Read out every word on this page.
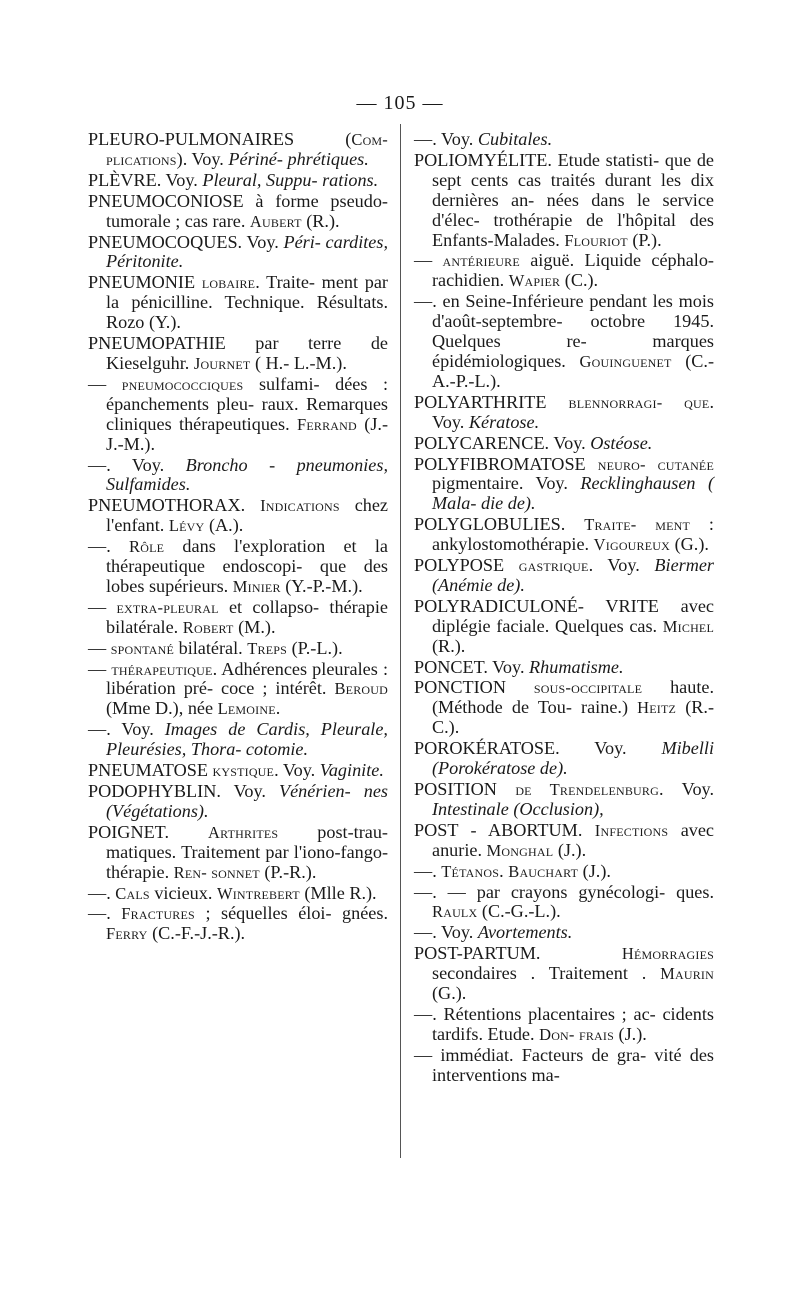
— 105 —
PLEURO-PULMONAIRES (Com- plications). Voy. Périné- phrétiques.
PLÈVRE. Voy. Pleural, Suppu- rations.
PNEUMOCONIOSE à forme pseudo-tumorale ; cas rare. Aubert (R.).
PNEUMOCOQUES. Voy. Péri- cardites, Péritonite.
PNEUMONIE lobaire. Traite- ment par la pénicilline. Technique. Résultats. Rozo (Y.).
PNEUMOPATHIE par terre de Kieselguhr. Journet ( H.- L.-M.).
— pneumococciques sulfami- dées : épanchements pleu- raux. Remarques cliniques thérapeutiques. Ferrand (J.-J.-M.).
—. Voy. Broncho - pneumonies, Sulfamides.
PNEUMOTHORAX. Indications chez l'enfant. Lévy (A.).
—. Rôle dans l'exploration et la thérapeutique endoscopi- que des lobes supérieurs. Minier (Y.-P.-M.).
— extra-pleural et collapso- thérapie bilatérale. Robert (M.).
— spontané bilatéral. Treps (P.-L.).
— thérapeutique. Adhérences pleurales : libération pré- coce ; intérêt. Beroud (Mme D.), née Lemoine.
—. Voy. Images de Cardis, Pleurale, Pleurésies, Thora- cotomie.
PNEUMATOSE kystique. Voy. Vaginite.
PODOPHYBLIN. Voy. Vénérien- nes (Végétations).
POIGNET. Arthrites post-trau- matiques. Traitement par l'iono-fango-thérapie. Ren- sonnet (P.-R.).
—. Cals vicieux. Wintrebert (Mlle R.).
—. Fractures ; séquelles éloi- gnées. Ferry (C.-F.-J.-R.).
—. Voy. Cubitales.
POLIOMYÉLITE. Etude statisti- que de sept cents cas traités durant les dix dernières an- nées dans le service d'élec- trothérapie de l'hôpital des Enfants-Malades. Flouriot (P.).
— antérieure aiguë. Liquide céphalo-rachidien. Wapier (C.).
—. en Seine-Inférieure pendant les mois d'août-septembre- octobre 1945. Quelques re- marques épidémiologiques. Gouinguenet (C.-A.-P.-L.).
POLYARTHRITE blennorragi- que. Voy. Kératose.
POLYCARENCE. Voy. Ostéose.
POLYFIBROMATOSE neuro- cutanée pigmentaire. Voy. Recklinghausen ( Mala- die de).
POLYGLOBULIES. Traite- ment : ankylostomothérapie. Vigoureux (G.).
POLYPOSE gastrique. Voy. Biermer (Anémie de).
POLYRADICULONÉ- VRITE avec diplégie faciale. Quelques cas. Michel (R.).
PONCET. Voy. Rhumatisme.
PONCTION sous-occipitale haute. (Méthode de Tou- raine.) Heitz (R.-C.).
POROKÉRATOSE. Voy. Mibelli (Porokératose de).
POSITION de Trendelenburg. Voy. Intestinale (Occlusion),
POST - ABORTUM. Infections avec anurie. Monghal (J.).
—. Tétanos. Bauchart (J.).
—. — par crayons gynécologi- ques. Raulx (C.-G.-L.).
—. Voy. Avortements.
POST-PARTUM. Hémorragies secondaires . Traitement . Maurin (G.).
—. Rétentions placentaires ; ac- cidents tardifs. Etude. Don- frais (J.).
— immédiat. Facteurs de gra- vité des interventions ma-
